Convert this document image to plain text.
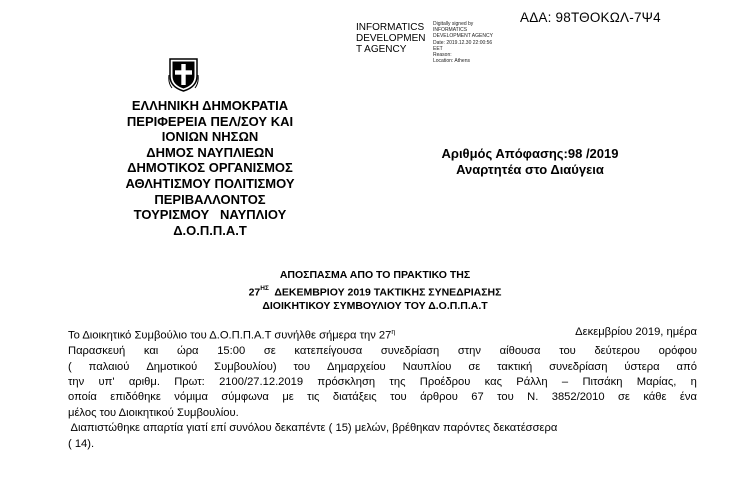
ΑΔΑ: 98ΤΘΟΚΩΛ-7Ψ4
INFORMATICS
DEVELOPMEN
T AGENCY
Digitally signed by
INFORMATICS
DEVELOPMENT AGENCY
Date: 2019.12.30 22:00:56
EET
Reason:
Location: Athens
ΕΛΛΗΝΙΚΗ ΔΗΜΟΚΡΑΤΙΑ
ΠΕΡΙΦΕΡΕΙΑ ΠΕΛ/ΣΟΥ ΚΑΙ
ΙΟΝΙΩΝ ΝΗΣΩΝ
ΔΗΜΟΣ ΝΑΥΠΛΙΕΩΝ
ΔΗΜΟΤΙΚΟΣ ΟΡΓΑΝΙΣΜΟΣ
ΑΘΛΗΤΙΣΜΟΥ ΠΟΛΙΤΙΣΜΟΥ
ΠΕΡΙΒΑΛΛΟΝΤΟΣ
ΤΟΥΡΙΣΜΟΥ   ΝΑΥΠΛΙΟΥ
Δ.Ο.Π.Π.Α.Τ
Αριθμός Απόφασης:98 /2019
Αναρτητέα στο Διαύγεια
ΑΠΟΣΠΑΣΜΑ ΑΠΟ ΤΟ ΠΡΑΚΤΙΚΟ ΤΗΣ
$27^{H\Sigma}$  ΔΕΚΕΜΒΡΙΟΥ 2019 ΤΑΚΤΙΚΗΣ ΣΥΝΕΔΡΙΑΣΗΣ
ΔΙΟΙΚΗΤΙΚΟΥ ΣΥΜΒΟΥΛΙΟΥ ΤΟΥ Δ.Ο.Π.Π.Α.Τ
Το Διοικητικό Συμβούλιο του Δ.Ο.Π.Π.Α.Τ συνήλθε σήμερα την $27^\eta$	Δεκεμβρίου 2019, ημέρα
Παρασκευή και ώρα 15:00 σε κατεπείγουσα συνεδρίαση στην αίθουσα του δεύτερου ορόφου
( παλαιού Δημοτικού Συμβουλίου) του Δημαρχείου Ναυπλίου σε τακτική συνεδρίαση ύστερα από
την υπ' αριθμ. Πρωτ: 2100/27.12.2019 πρόσκληση της Προέδρου κας Ράλλη – Πιτσάκη Μαρίας, η
οποία επιδόθηκε νόμιμα σύμφωνα με τις διατάξεις του άρθρου 67 του Ν. 3852/2010 σε κάθε ένα
μέλος του Διοικητικού Συμβουλίου.
Διαπιστώθηκε απαρτία γιατί επί συνόλου δεκαπέντε ( 15) μελών, βρέθηκαν παρόντες δεκατέσσερα
( 14).
